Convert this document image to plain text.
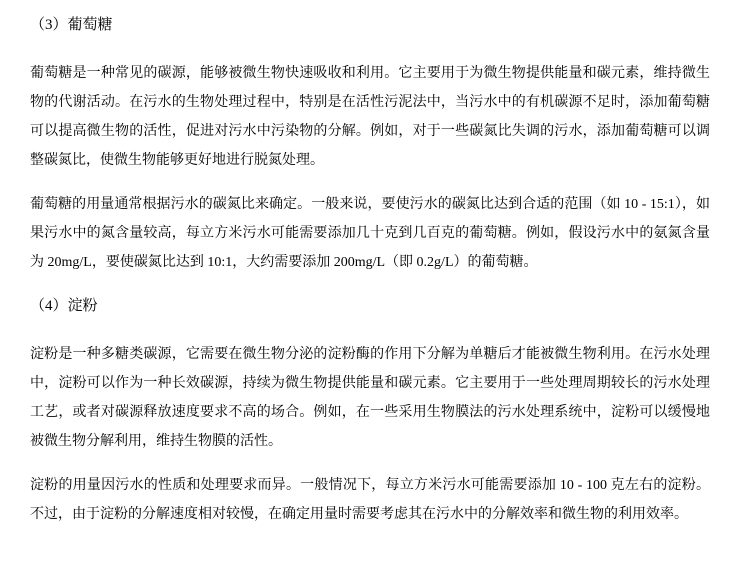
（3）葡萄糖

葡萄糖是一种常见的碳源，能够被微生物快速吸收和利用。它主要用于为微生物提供能量和碳元素，维持微生物的代谢活动。在污水的生物处理过程中，特别是在活性污泥法中，当污水中的有机碳源不足时，添加葡萄糖可以提高微生物的活性，促进对污水中污染物的分解。例如，对于一些碳氮比失调的污水，添加葡萄糖可以调整碳氮比，使微生物能够更好地进行脱氮处理。

葡萄糖的用量通常根据污水的碳氮比来确定。一般来说，要使污水的碳氮比达到合适的范围（如 10 - 15:1），如果污水中的氮含量较高，每立方米污水可能需要添加几十克到几百克的葡萄糖。例如，假设污水中的氨氮含量为 20mg/L，要使碳氮比达到 10:1，大约需要添加 200mg/L（即 0.2g/L）的葡萄糖。

（4）淀粉

淀粉是一种多糖类碳源，它需要在微生物分泌的淀粉酶的作用下分解为单糖后才能被微生物利用。在污水处理中，淀粉可以作为一种长效碳源，持续为微生物提供能量和碳元素。它主要用于一些处理周期较长的污水处理工艺，或者对碳源释放速度要求不高的场合。例如，在一些采用生物膜法的污水处理系统中，淀粉可以缓慢地被微生物分解利用，维持生物膜的活性。

淀粉的用量因污水的性质和处理要求而异。一般情况下，每立方米污水可能需要添加 10 - 100 克左右的淀粉。不过，由于淀粉的分解速度相对较慢，在确定用量时需要考虑其在污水中的分解效率和微生物的利用效率。
